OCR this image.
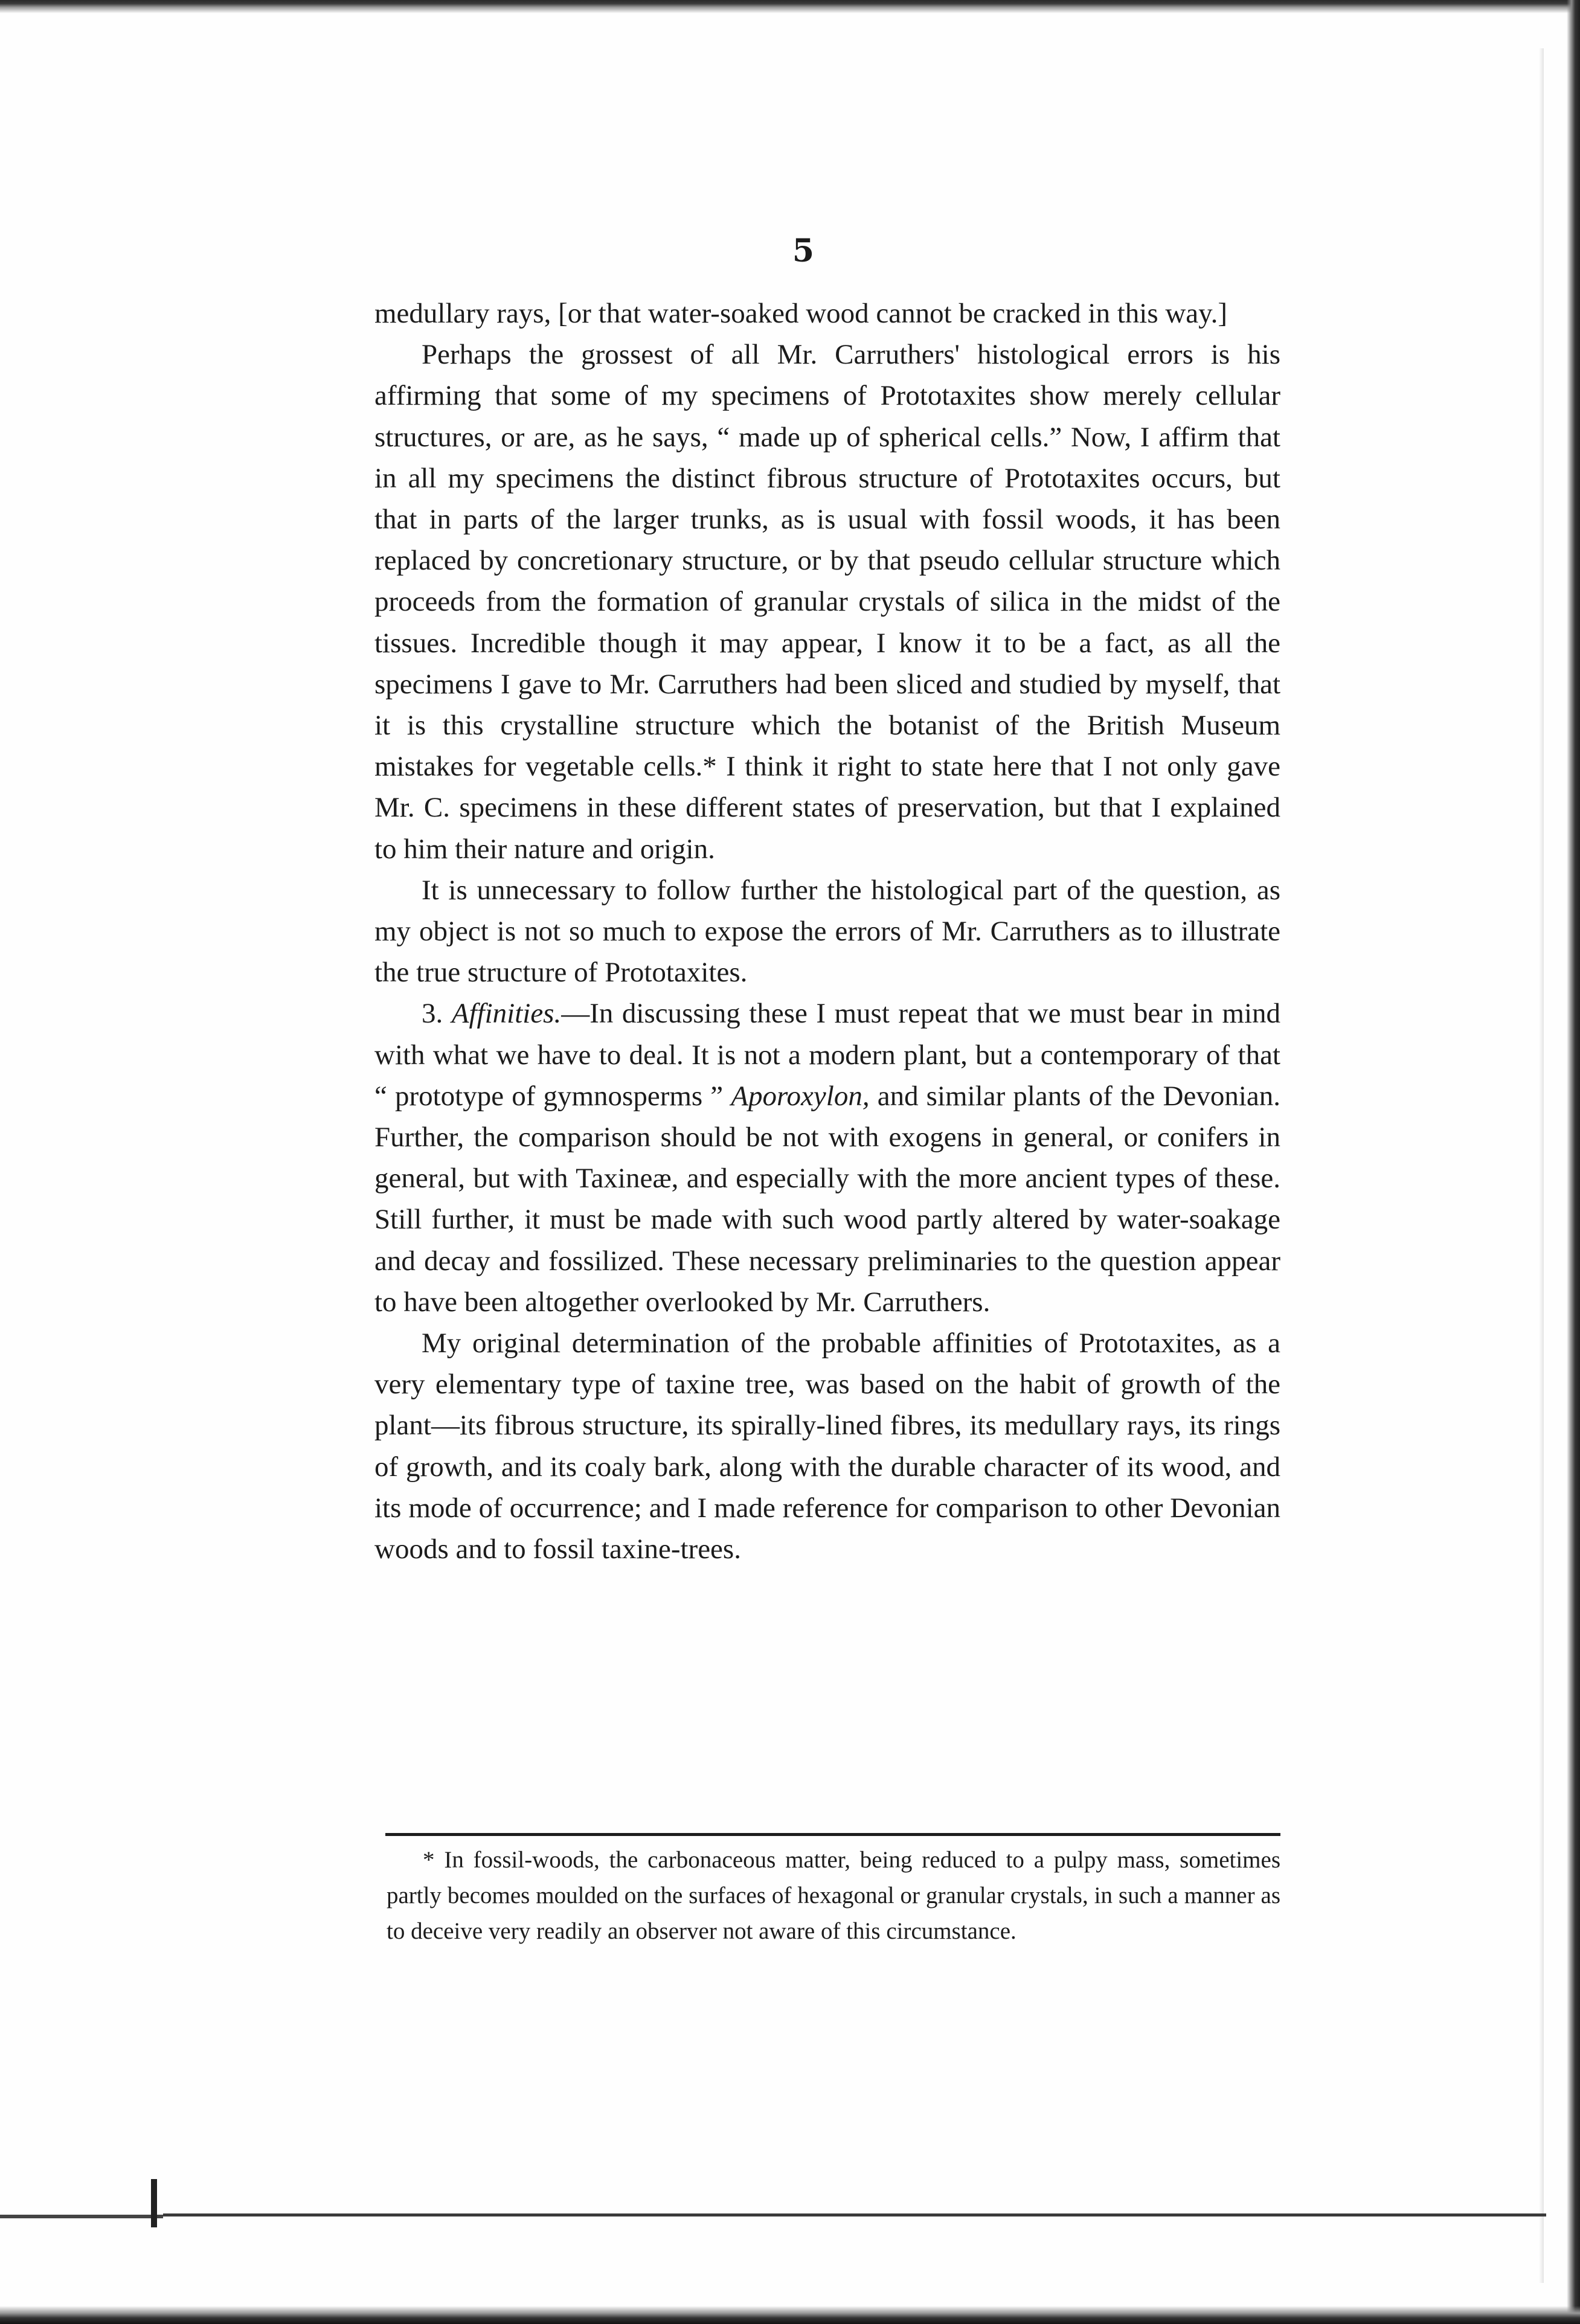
5

medullary rays, [or that water-soaked wood cannot be cracked in this way.]

Perhaps the grossest of all Mr. Carruthers' histological errors is his affirming that some of my specimens of Prototaxites show merely cellular structures, or are, as he says, “ made up of spherical cells.” Now, I affirm that in all my specimens the distinct fibrous structure of Prototaxites occurs, but that in parts of the larger trunks, as is usual with fossil woods, it has been replaced by concretionary structure, or by that pseudo cellular structure which proceeds from the formation of granular crystals of silica in the midst of the tissues. Incredible though it may appear, I know it to be a fact, as all the specimens I gave to Mr. Carruthers had been sliced and studied by myself, that it is this crystalline structure which the botanist of the British Museum mistakes for vegetable cells.* I think it right to state here that I not only gave Mr. C. specimens in these different states of preservation, but that I explained to him their nature and origin.

It is unnecessary to follow further the histological part of the question, as my object is not so much to expose the errors of Mr. Carruthers as to illustrate the true structure of Prototaxites.

3. Affinities.—In discussing these I must repeat that we must bear in mind with what we have to deal. It is not a modern plant, but a contemporary of that “ prototype of gymnosperms ” Aporoxylon, and similar plants of the Devonian. Further, the comparison should be not with exogens in general, or conifers in general, but with Taxineæ, and especially with the more ancient types of these. Still further, it must be made with such wood partly altered by water-soakage and decay and fossilized. These necessary preliminaries to the question appear to have been altogether overlooked by Mr. Carruthers.

My original determination of the probable affinities of Prototaxites, as a very elementary type of taxine tree, was based on the habit of growth of the plant—its fibrous structure, its spirally-lined fibres, its medullary rays, its rings of growth, and its coaly bark, along with the durable character of its wood, and its mode of occurrence; and I made reference for comparison to other Devonian woods and to fossil taxine-trees.

* In fossil-woods, the carbonaceous matter, being reduced to a pulpy mass, sometimes partly becomes moulded on the surfaces of hexagonal or granular crystals, in such a manner as to deceive very readily an observer not aware of this circumstance.
